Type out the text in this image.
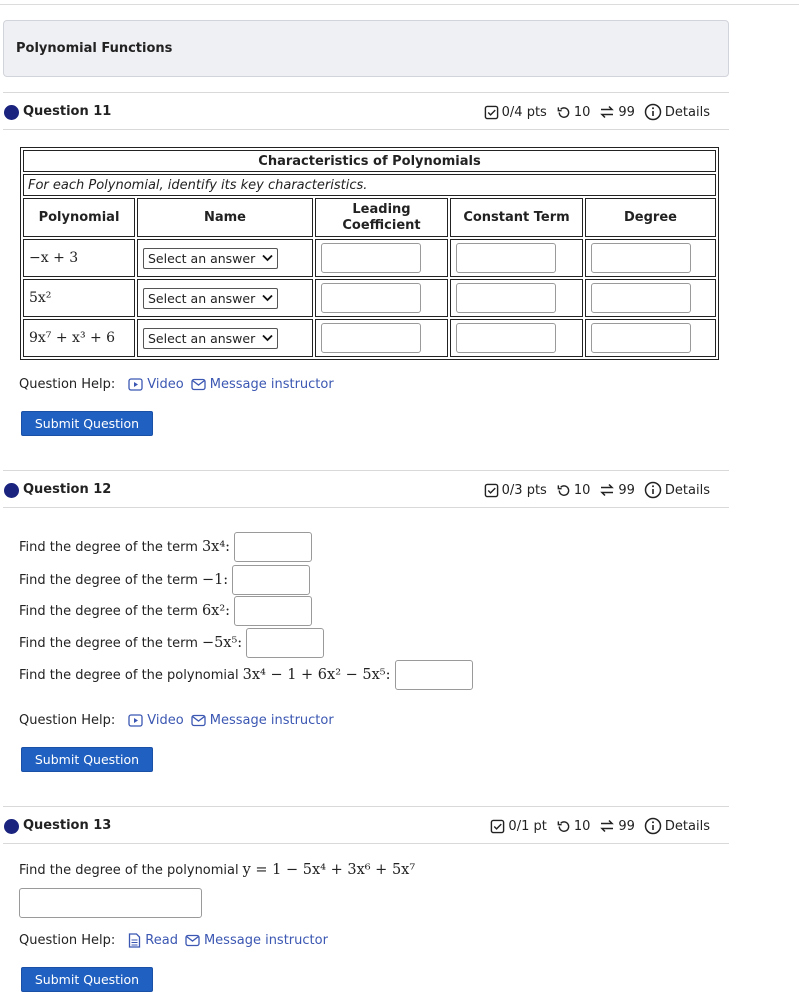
Polynomial Functions
Question 11	0/4 pts 10 99 Details
Characteristics of Polynomials				
For each Polynomial, identify its key characteristics.				
Polynomial	Name	Leading Coefficient	Constant Term	Degree
−x + 3	Select an answer			

5x²	Select an answer			

9x⁷ + x³ + 6	Select an answer			

Question Help: Video Message instructor
Submit Question
Question 12	0/3 pts 10 99 Details
Find the degree of the term 3x⁴:
Find the degree of the term −1:
Find the degree of the term 6x²:
Find the degree of the term −5x⁵:
Find the degree of the polynomial 3x⁴ − 1 + 6x² − 5x⁵:
Question Help: Video Message instructor
Submit Question
Question 13	0/1 pt 10 99 Details
Find the degree of the polynomial y = 1 − 5x⁴ + 3x⁶ + 5x⁷
Question Help: Read Message instructor
Submit Question
